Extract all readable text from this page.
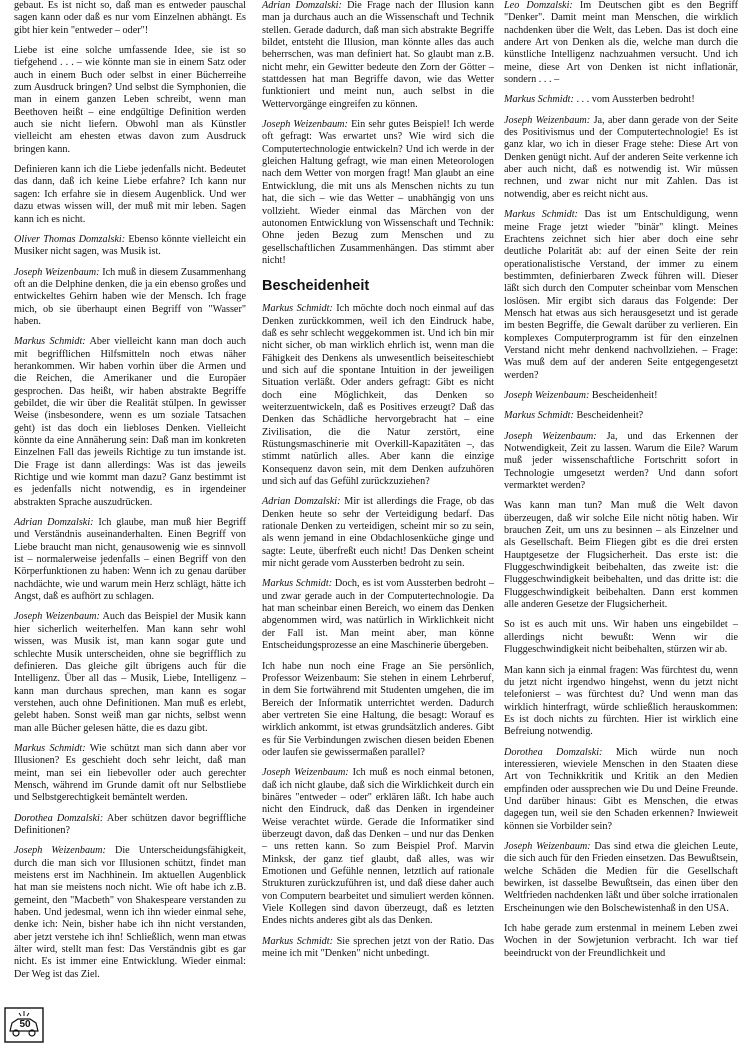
gebaut. Es ist nicht so, daß man es entweder pauschal sagen kann oder daß es nur vom Einzelnen abhängt. Es gibt hier kein "entweder – oder"!

Liebe ist eine solche umfassende Idee, sie ist so tiefgehend . . . – wie könnte man sie in einem Satz oder auch in einem Buch oder selbst in einer Bücherreihe zum Ausdruck bringen? Und selbst die Symphonien, die man in einem ganzen Leben schreibt, wenn man Beethoven heißt – eine endgültige Definition werden auch sie nicht liefern. Obwohl man als Künstler vielleicht am ehesten etwas davon zum Ausdruck bringen kann.

Definieren kann ich die Liebe jedenfalls nicht. Bedeutet das dann, daß ich keine Liebe erfahre? Ich kann nur sagen: Ich erfahre sie in diesem Augenblick. Und wer dazu etwas wissen will, der muß mit mir leben. Sagen kann ich es nicht.

Oliver Thomas Domzalski: Ebenso könnte vielleicht ein Musiker nicht sagen, was Musik ist.

Joseph Weizenbaum: Ich muß in diesem Zusammenhang oft an die Delphine denken, die ja ein ebenso großes und entwickeltes Gehirn haben wie der Mensch. Ich frage mich, ob sie überhaupt einen Begriff von "Wasser" haben.

Markus Schmidt: Aber vielleicht kann man doch auch mit begrifflichen Hilfsmitteln noch etwas näher herankommen. Wir haben vorhin über die Armen und die Reichen, die Amerikaner und die Europäer gesprochen. Das heißt, wir haben abstrakte Begriffe gebildet, die wir über die Realität stülpen. In gewisser Weise (insbesondere, wenn es um soziale Tatsachen geht) ist das doch ein liebloses Denken. Vielleicht könnte da eine Annäherung sein: Daß man im konkreten Einzelnen Fall das jeweils Richtige zu tun imstande ist. Die Frage ist dann allerdings: Was ist das jeweils Richtige und wie kommt man dazu? Ganz bestimmt ist es jedenfalls nicht notwendig, es in irgendeiner abstrakten Sprache auszudrücken.

Adrian Domzalski: Ich glaube, man muß hier Begriff und Verständnis auseinanderhalten. Einen Begriff von Liebe braucht man nicht, genausowenig wie es sinnvoll ist – normalerweise jedenfalls – einen Begriff von den Körperfunktionen zu haben: Wenn ich zu genau darüber nachdächte, wie und warum mein Herz schlägt, hätte ich Angst, daß es aufhört zu schlagen.

Joseph Weizenbaum: Auch das Beispiel der Musik kann hier sicherlich weiterhelfen. Man kann sehr wohl wissen, was Musik ist, man kann sogar gute und schlechte Musik unterscheiden, ohne sie begrifflich zu definieren. Das gleiche gilt übrigens auch für die Intelligenz. Über all das – Musik, Liebe, Intelligenz – kann man durchaus sprechen, man kann es sogar verstehen, auch ohne Definitionen. Man muß es erlebt, gelebt haben. Sonst weiß man gar nichts, selbst wenn man alle Bücher gelesen hätte, die es dazu gibt.

Markus Schmidt: Wie schützt man sich dann aber vor Illusionen? Es geschieht doch sehr leicht, daß man meint, man sei ein liebevoller oder auch gerechter Mensch, während im Grunde damit oft nur Selbstliebe und Selbstgerechtigkeit bemäntelt werden.

Dorothea Domzalski: Aber schützen davor begriffliche Definitionen?

Joseph Weizenbaum: Die Unterscheidungsfähigkeit, durch die man sich vor Illusionen schützt, findet man meistens erst im Nachhinein. Im aktuellen Augenblick hat man sie meistens noch nicht. Wie oft habe ich z.B. gemeint, den "Macbeth" von Shakespeare verstanden zu haben. Und jedesmal, wenn ich ihn wieder einmal sehe, denke ich: Nein, bisher habe ich ihn nicht verstanden, aber jetzt verstehe ich ihn! Schließlich, wenn man etwas älter wird, stellt man fest: Das Verständnis gibt es gar nicht. Es ist immer eine Entwicklung. Wieder einmal: Der Weg ist das Ziel.

Adrian Domzalski: Die Frage nach der Illusion kann man ja durchaus auch an die Wissenschaft und Technik stellen. Gerade dadurch, daß man sich abstrakte Begriffe bildet, entsteht die Illusion, man könnte alles das auch beherrschen, was man definiert hat. So glaubt man z.B. nicht mehr, ein Gewitter bedeute den Zorn der Götter – stattdessen hat man Begriffe davon, wie das Wetter funktioniert und meint nun, auch selbst in die Wettervorgänge eingreifen zu können.

Joseph Weizenbaum: Ein sehr gutes Beispiel! Ich werde oft gefragt: Was erwartet uns? Wie wird sich die Computertechnologie entwickeln? Und ich werde in der gleichen Haltung gefragt, wie man einen Meteorologen nach dem Wetter von morgen fragt! Man glaubt an eine Entwicklung, die mit uns als Menschen nichts zu tun hat, die sich – wie das Wetter – unabhängig von uns vollzieht. Wieder einmal das Märchen von der autonomen Entwicklung von Wissenschaft und Technik: Ohne jeden Bezug zum Menschen und zu gesellschaftlichen Zusammenhängen. Das stimmt aber nicht!

Bescheidenheit

Markus Schmidt: Ich möchte doch noch einmal auf das Denken zurückkommen, weil ich den Eindruck habe, daß es sehr schlecht weggekommen ist. Und ich bin mir nicht sicher, ob man wirklich ehrlich ist, wenn man die Fähigkeit des Denkens als unwesentlich beiseiteschiebt und sich auf die spontane Intuition in der jeweiligen Situation verläßt. Oder anders gefragt: Gibt es nicht doch eine Möglichkeit, das Denken so weiterzuentwickeln, daß es Positives erzeugt? Daß das Denken das Schädliche hervorgebracht hat – eine Zivilisation, die die Natur zerstört, eine Rüstungsmaschinerie mit Overkill-Kapazitäten –, das stimmt natürlich alles. Aber kann die einzige Konsequenz davon sein, mit dem Denken aufzuhören und sich auf das Gefühl zurückzuziehen?

Adrian Domzalski: Mir ist allerdings die Frage, ob das Denken heute so sehr der Verteidigung bedarf. Das rationale Denken zu verteidigen, scheint mir so zu sein, als wenn jemand in eine Obdachlosenküche ginge und sagte: Leute, überfreßt euch nicht! Das Denken scheint mir nicht gerade vom Aussterben bedroht zu sein.

Markus Schmidt: Doch, es ist vom Aussterben bedroht – und zwar gerade auch in der Computertechnologie. Da hat man scheinbar einen Bereich, wo einem das Denken abgenommen wird, was natürlich in Wirklichkeit nicht der Fall ist. Man meint aber, man könne Entscheidungsprozesse an eine Maschinerie übergeben.

Ich habe nun noch eine Frage an Sie persönlich, Professor Weizenbaum: Sie stehen in einem Lehrberuf, in dem Sie fortwährend mit Studenten umgehen, die im Bereich der Informatik unterrichtet werden. Dadurch aber vertreten Sie eine Haltung, die besagt: Worauf es wirklich ankommt, ist etwas grundsätzlich anderes. Gibt es für Sie Verbindungen zwischen diesen beiden Ebenen oder laufen sie gewissermaßen parallel?

Joseph Weizenbaum: Ich muß es noch einmal betonen, daß ich nicht glaube, daß sich die Wirklichkeit durch ein binäres "entweder – oder" erklären läßt. Ich habe auch nicht den Eindruck, daß das Denken in irgendeiner Weise verachtet würde. Gerade die Informatiker sind überzeugt davon, daß das Denken – und nur das Denken – uns retten kann. So zum Beispiel Prof. Marvin Minksk, der ganz tief glaubt, daß alles, was wir Emotionen und Gefühle nennen, letztlich auf rationale Strukturen zurückzuführen ist, und daß diese daher auch von Computern bearbeitet und simuliert werden können. Viele Kollegen sind davon überzeugt, daß es letzten Endes nichts anderes gibt als das Denken.

Markus Schmidt: Sie sprechen jetzt von der Ratio. Das meine ich mit "Denken" nicht unbedingt.

Leo Domzalski: Im Deutschen gibt es den Begriff "Denker". Damit meint man Menschen, die wirklich nachdenken über die Welt, das Leben. Das ist doch eine andere Art von Denken als die, welche man durch die künstliche Intelligenz nachzuahmen versucht. Und ich meine, diese Art von Denken ist nicht inflationär, sondern . . . –

Markus Schmidt: . . . vom Aussterben bedroht!

Joseph Weizenbaum: Ja, aber dann gerade von der Seite des Positivismus und der Computertechnologie! Es ist ganz klar, wo ich in dieser Frage stehe: Diese Art von Denken genügt nicht. Auf der anderen Seite verkenne ich aber auch nicht, daß es notwendig ist. Wir müssen rechnen, und zwar nicht nur mit Zahlen. Das ist notwendig, aber es reicht nicht aus.

Markus Schmidt: Das ist um Entschuldigung, wenn meine Frage jetzt wieder "binär" klingt. Meines Erachtens zeichnet sich hier aber doch eine sehr deutliche Polarität ab: auf der einen Seite der rein operationalistische Verstand, der immer zu einem bestimmten, definierbaren Zweck führen will. Dieser läßt sich durch den Computer scheinbar vom Menschen loslösen. Mir ergibt sich daraus das Folgende: Der Mensch hat etwas aus sich herausgesetzt und ist gerade im besten Begriffe, die Gewalt darüber zu verlieren. Ein komplexes Computerprogramm ist für den einzelnen Verstand nicht mehr denkend nachvollziehen. – Frage: Was muß dem auf der anderen Seite entgegengesetzt werden?

Joseph Weizenbaum: Bescheidenheit!

Markus Schmidt: Bescheidenheit?

Joseph Weizenbaum: Ja, und das Erkennen der Notwendigkeit, Zeit zu lassen. Warum die Eile? Warum muß jeder wissenschaftliche Fortschritt sofort in Technologie umgesetzt werden? Und dann sofort vermarktet werden?

Was kann man tun? Man muß die Welt davon überzeugen, daß wir solche Eile nicht nötig haben. Wir brauchen Zeit, um uns zu besinnen – als Einzelner und als Gesellschaft. Beim Fliegen gibt es die drei ersten Hauptgesetze der Flugsicherheit. Das erste ist: die Fluggeschwindigkeit beibehalten, das zweite ist: die Fluggeschwindigkeit beibehalten, und das dritte ist: die Fluggeschwindigkeit beibehalten. Dann erst kommen alle anderen Gesetze der Flugsicherheit.

So ist es auch mit uns. Wir haben uns eingebildet – allerdings nicht bewußt: Wenn wir die Fluggeschwindigkeit nicht beibehalten, stürzen wir ab.

Man kann sich ja einmal fragen: Was fürchtest du, wenn du jetzt nicht irgendwo hingehst, wenn du jetzt nicht telefonierst – was fürchtest du? Und wenn man das wirklich hinterfragt, würde schließlich herauskommen: Es ist doch nichts zu fürchten. Hier ist wirklich eine Befreiung notwendig.

Dorothea Domzalski: Mich würde nun noch interessieren, wieviele Menschen in den Staaten diese Art von Technikkritik und Kritik an den Medien empfinden oder aussprechen wie Du und Deine Freunde. Und darüber hinaus: Gibt es Menschen, die etwas dagegen tun, weil sie den Schaden erkennen? Inwieweit können sie Vorbilder sein?

Joseph Weizenbaum: Das sind etwa die gleichen Leute, die sich auch für den Frieden einsetzen. Das Bewußtsein, welche Schäden die Medien für die Gesellschaft bewirken, ist dasselbe Bewußtsein, das einen über den Weltfrieden nachdenken läßt und über solche irrationalen Erscheinungen wie den Bolschewistenhaß in den USA.

Ich habe gerade zum erstenmal in meinem Leben zwei Wochen in der Sowjetunion verbracht. Ich war tief beeindruckt von der Freundlichkeit und

50
